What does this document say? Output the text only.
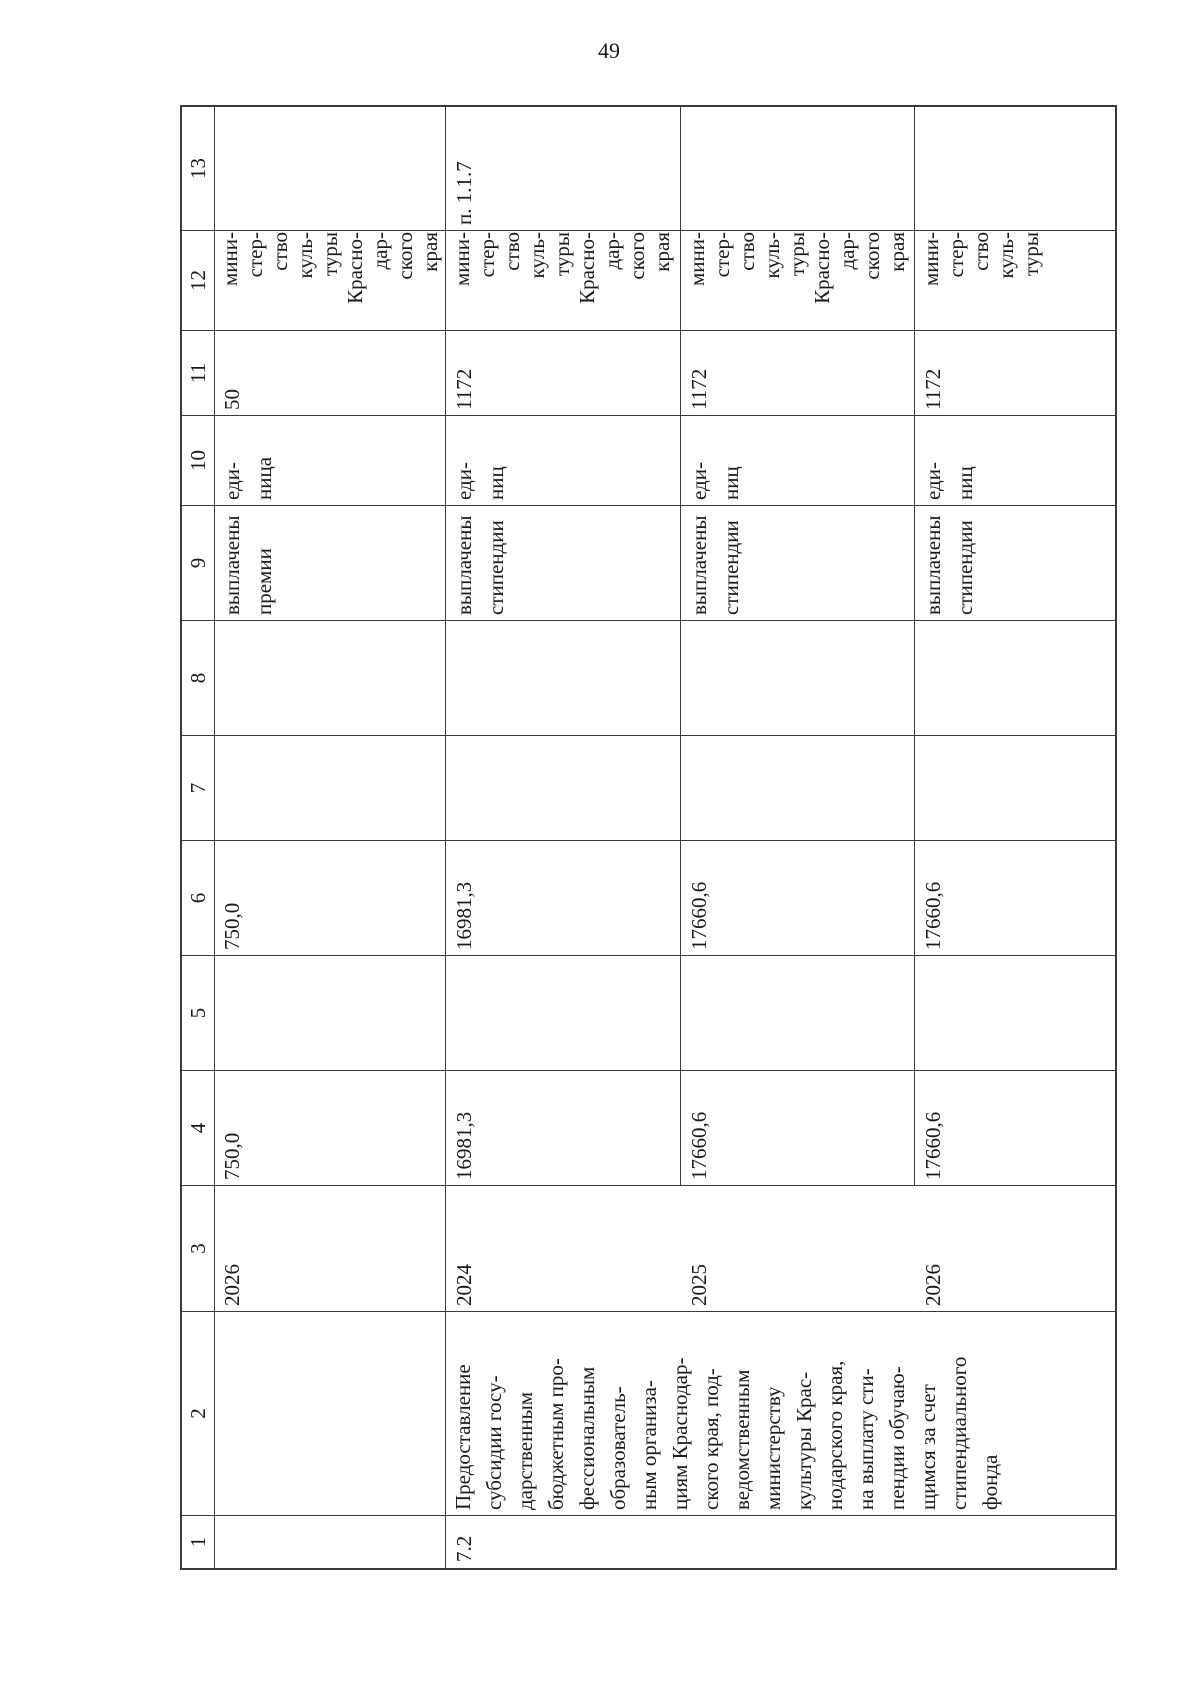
49
1
2
3
4
5
6
7
8
9
10
11
12
13
2026
750,0
750,0
выплачены
премии
еди-
ница
50
мини-
стер-
ство
куль-
туры
Красно-
дар-
ского
края
7.2
Предоставление
субсидии госу-
дарственным
бюджетным про-
фессиональным
образователь-
ным организа-
циям Краснодар-
ского края, под-
ведомственным
министерству
культуры Крас-
нодарского края,
на выплату сти-
пендии обучаю-
щимся за счет
стипендиального
фонда
п. 1.1.7
2024
16981,3
16981,3
выплачены
стипендии
еди-
ниц
1172
мини-
стер-
ство
куль-
туры
Красно-
дар-
ского
края
2025
17660,6
17660,6
выплачены
стипендии
еди-
ниц
1172
мини-
стер-
ство
куль-
туры
Красно-
дар-
ского
края
2026
17660,6
17660,6
выплачены
стипендии
еди-
ниц
1172
мини-
стер-
ство
куль-
туры
